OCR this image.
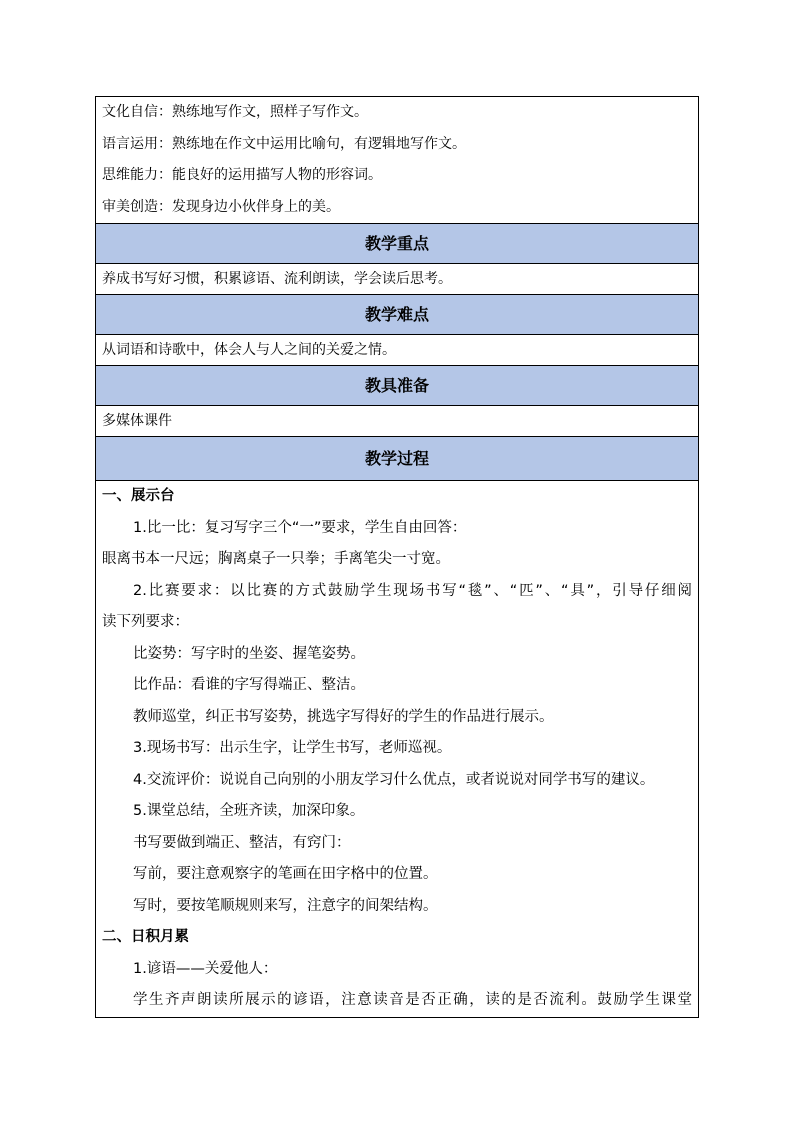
文化自信：熟练地写作文，照样子写作文。
语言运用：熟练地在作文中运用比喻句，有逻辑地写作文。
思维能力：能良好的运用描写人物的形容词。
审美创造：发现身边小伙伴身上的美。
教学重点
养成书写好习惯，积累谚语、流利朗读，学会读后思考。
教学难点
从词语和诗歌中，体会人与人之间的关爱之情。
教具准备
多媒体课件
教学过程
一、展示台
1.比一比：复习写字三个“一”要求，学生自由回答：
眼离书本一尺远；胸离桌子一只拳；手离笔尖一寸宽。
2.比赛要求：以比赛的方式鼓励学生现场书写“毯”、“匹”、“具”，引导仔细阅
读下列要求：
比姿势：写字时的坐姿、握笔姿势。
比作品：看谁的字写得端正、整洁。
教师巡堂，纠正书写姿势，挑选字写得好的学生的作品进行展示。
3.现场书写：出示生字，让学生书写，老师巡视。
4.交流评价：说说自己向别的小朋友学习什么优点，或者说说对同学书写的建议。
5.课堂总结，全班齐读，加深印象。
书写要做到端正、整洁，有窍门：
写前，要注意观察字的笔画在田字格中的位置。
写时，要按笔顺规则来写，注意字的间架结构。
二、日积月累
1.谚语——关爱他人：
学生齐声朗读所展示的谚语，注意读音是否正确，读的是否流利。鼓励学生课堂
